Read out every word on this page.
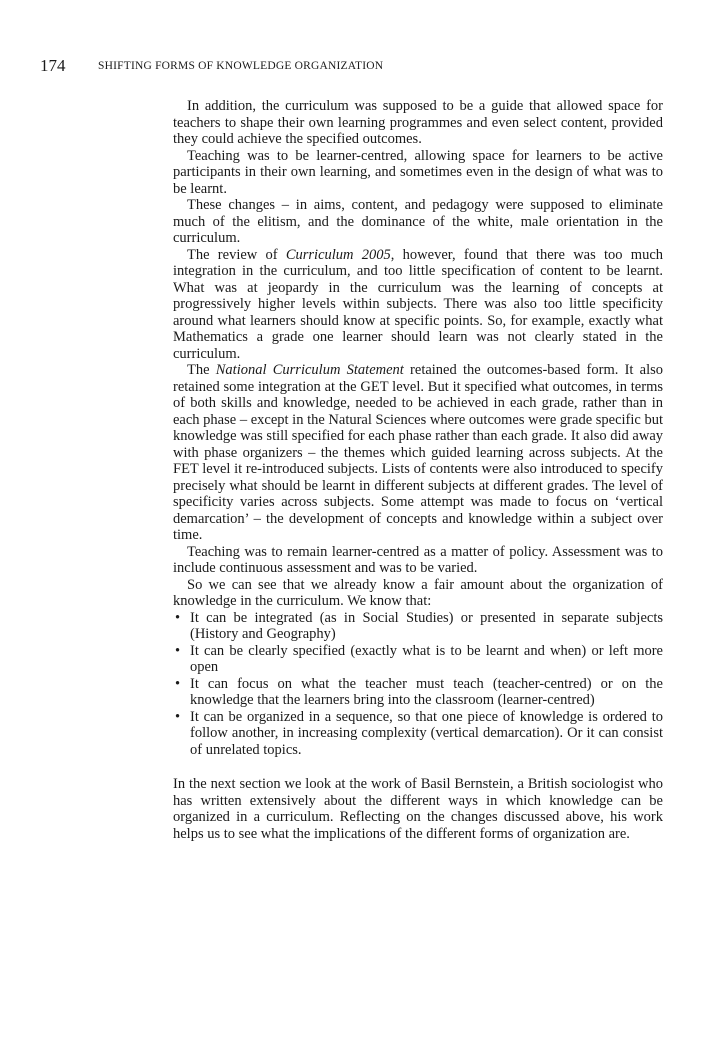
174	SHIFTING FORMS OF KNOWLEDGE ORGANIZATION

In addition, the curriculum was supposed to be a guide that allowed space for teachers to shape their own learning programmes and even select content, provided they could achieve the specified outcomes.

Teaching was to be learner-centred, allowing space for learners to be active participants in their own learning, and sometimes even in the design of what was to be learnt.

These changes – in aims, content, and pedagogy were supposed to eliminate much of the elitism, and the dominance of the white, male orientation in the curriculum.

The review of Curriculum 2005, however, found that there was too much integration in the curriculum, and too little specification of content to be learnt. What was at jeopardy in the curriculum was the learning of concepts at progressively higher levels within subjects. There was also too little specificity around what learners should know at specific points. So, for example, exactly what Mathematics a grade one learner should learn was not clearly stated in the curriculum.

The National Curriculum Statement retained the outcomes-based form. It also retained some integration at the GET level. But it specified what outcomes, in terms of both skills and knowledge, needed to be achieved in each grade, rather than in each phase – except in the Natural Sciences where outcomes were grade specific but knowledge was still specified for each phase rather than each grade. It also did away with phase organizers – the themes which guided learning across subjects. At the FET level it re-introduced subjects. Lists of contents were also introduced to specify precisely what should be learnt in different subjects at different grades. The level of specificity varies across subjects. Some attempt was made to focus on ‘vertical demarcation’ – the development of concepts and knowledge within a subject over time.

Teaching was to remain learner-centred as a matter of policy. Assessment was to include continuous assessment and was to be varied.

So we can see that we already know a fair amount about the organization of knowledge in the curriculum. We know that:

• It can be integrated (as in Social Studies) or presented in separate subjects (History and Geography)
• It can be clearly specified (exactly what is to be learnt and when) or left more open
• It can focus on what the teacher must teach (teacher-centred) or on the knowledge that the learners bring into the classroom (learner-centred)
• It can be organized in a sequence, so that one piece of knowledge is ordered to follow another, in increasing complexity (vertical demarcation). Or it can consist of unrelated topics.

In the next section we look at the work of Basil Bernstein, a British sociologist who has written extensively about the different ways in which knowledge can be organized in a curriculum. Reflecting on the changes discussed above, his work helps us to see what the implications of the different forms of organization are.
